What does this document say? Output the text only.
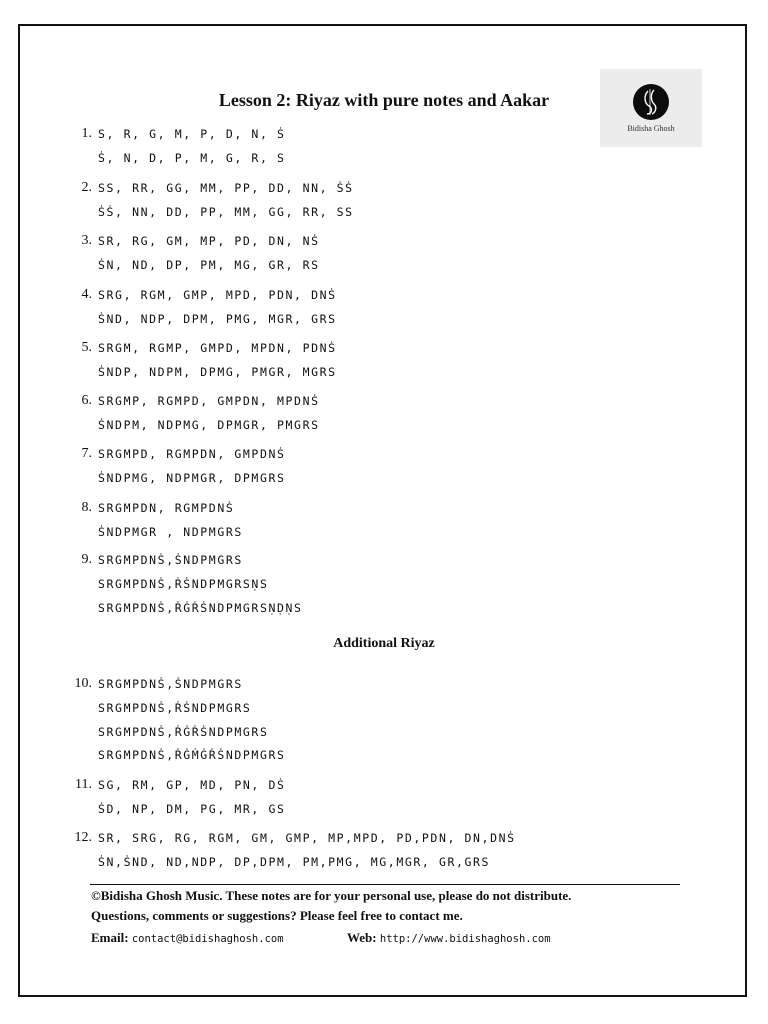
Lesson 2: Riyaz with pure notes and Aakar
Bidisha Ghosh
1. S, R, G, M, P, D, N, Ṡ
Ṡ, N, D, P, M, G, R, S
2. SS, RR, GG, MM, PP, DD, NN, ṠṠ
ṠṠ, NN, DD, PP, MM, GG, RR, SS
3. SR, RG, GM, MP, PD, DN, NṠ
ṠN, ND, DP, PM, MG, GR, RS
4. SRG, RGM, GMP, MPD, PDN, DNṠ
ṠND, NDP, DPM, PMG, MGR, GRS
5. SRGM, RGMP, GMPD, MPDN, PDNṠ
ṠNDP, NDPM, DPMG, PMGR, MGRS
6. SRGMP, RGMPD, GMPDN, MPDNṠ
ṠNDPM, NDPMG, DPMGR, PMGRS
7. SRGMPD, RGMPDN, GMPDNṠ
ṠNDPMG, NDPMGR, DPMGRS
8. SRGMPDN, RGMPDNṠ
ṠNDPMGR , NDPMGRS
9. SRGMPDNṠ,ṠNDPMGRS
SRGMPDNṠ,ṘṠNDPMGRSṆS
SRGMPDNṠ,ṘĠṘṠNDPMGRSṆḌṆS
Additional Riyaz
10. SRGMPDNṠ,ṠNDPMGRS
SRGMPDNṠ,ṘṠNDPMGRS
SRGMPDNṠ,ṘĠṘṠNDPMGRS
SRGMPDNṠ,ṘĠṀĠṘṠNDPMGRS
11. SG, RM, GP, MD, PN, DṠ
ṠD, NP, DM, PG, MR, GS
12. SR, SRG, RG, RGM, GM, GMP, MP,MPD, PD,PDN, DN,DNṠ
ṠN,ṠND, ND,NDP, DP,DPM, PM,PMG, MG,MGR, GR,GRS
©Bidisha Ghosh Music. These notes are for your personal use, please do not distribute.
Questions, comments or suggestions? Please feel free to contact me.
Email: contact@bidishaghosh.com	Web: http://www.bidishaghosh.com
